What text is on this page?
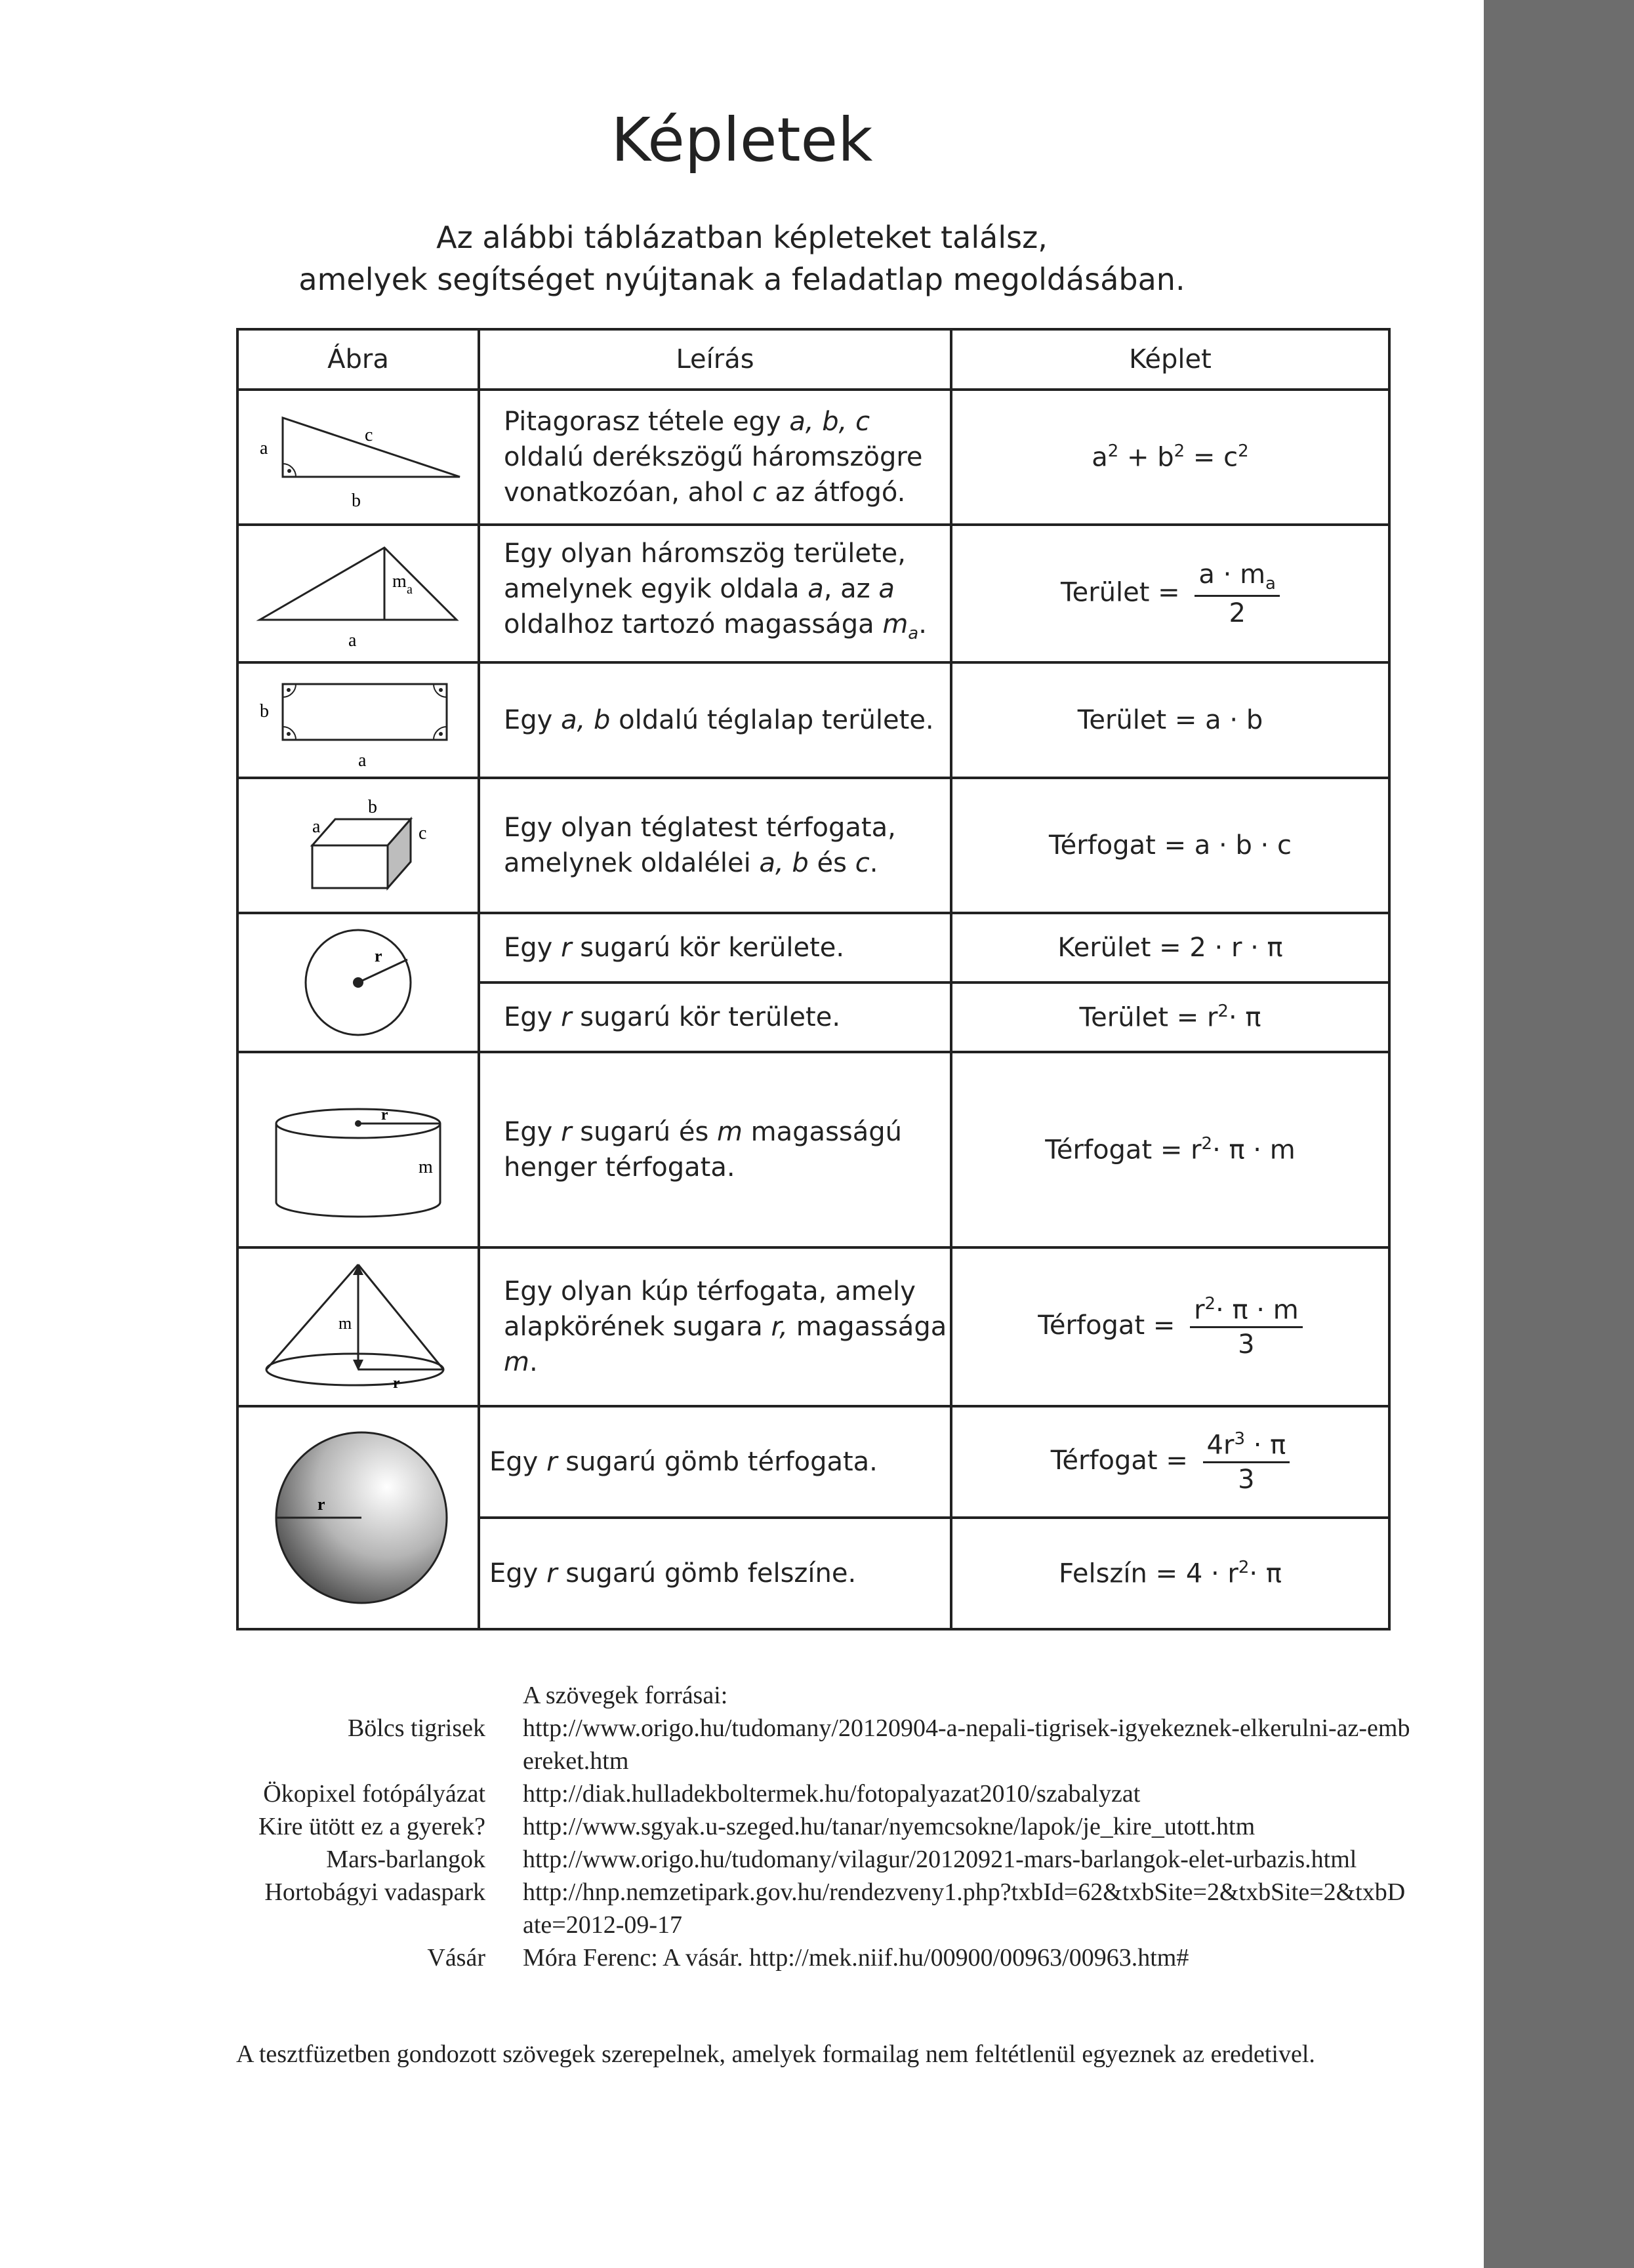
Képletek
Az alábbi táblázatban képleteket találsz,
amelyek segítséget nyújtanak a feladatlap megoldásában.
Ábra	Leírás	Képlet

a
c
b	Pitagorasz tétele egy a, b, c oldalú derékszögű háromszögre vonatkozóan, ahol c az átfogó.	$a^2 + b^2 = c^2$

m a
a	Egy olyan háromszög területe, amelynek egyik oldala a, az a oldalhoz tartozó magassága $m_a$.	Terület = $\frac{a \cdot m_a}{2}$

b
a	Egy a, b oldalú téglalap területe.	Terület = a · b

a
b
c	Egy olyan téglatest térfogata, amelynek oldalélei a, b és c.	Térfogat = a · b · c

r	Egy r sugarú kör kerülete.	Kerület = 2 · r · π
	Egy r sugarú kör területe.	Terület = $r^2\cdot \pi$

r
m	Egy r sugarú és m magasságú henger térfogata.	Térfogat = $r^2\cdot \pi \cdot m$

m
r	Egy olyan kúp térfogata, amely alapkörének sugara r, magassága m.	Térfogat = $\frac{r^2\cdot \pi \cdot m}{3}$

r	Egy r sugarú gömb térfogata.	Térfogat = $\frac{4r^3 \cdot \pi}{3}$

	Egy r sugarú gömb felszíne.	Felszín = $4 \cdot r^2\cdot \pi$
A szövegek forrásai:
Bölcs tigrisek http://www.origo.hu/tudomany/20120904-a-nepali-tigrisek-igyekeznek-elkerulni-az-embereket.htm
Ökopixel fotópályázat http://diak.hulladekboltermek.hu/fotopalyazat2010/szabalyzat
Kire ütött ez a gyerek? http://www.sgyak.u-szeged.hu/tanar/nyemcsokne/lapok/je_kire_utott.htm
Mars-barlangok http://www.origo.hu/tudomany/vilagur/20120921-mars-barlangok-elet-urbazis.html
Hortobágyi vadaspark http://hnp.nemzetipark.gov.hu/rendezveny1.php?txbId=62&txbSite=2&txbSite=2&txbDate=2012-09-17
Vásár Móra Ferenc: A vásár. http://mek.niif.hu/00900/00963/00963.htm#
A tesztfüzetben gondozott szövegek szerepelnek, amelyek formailag nem feltétlenül egyeznek az eredetivel.
